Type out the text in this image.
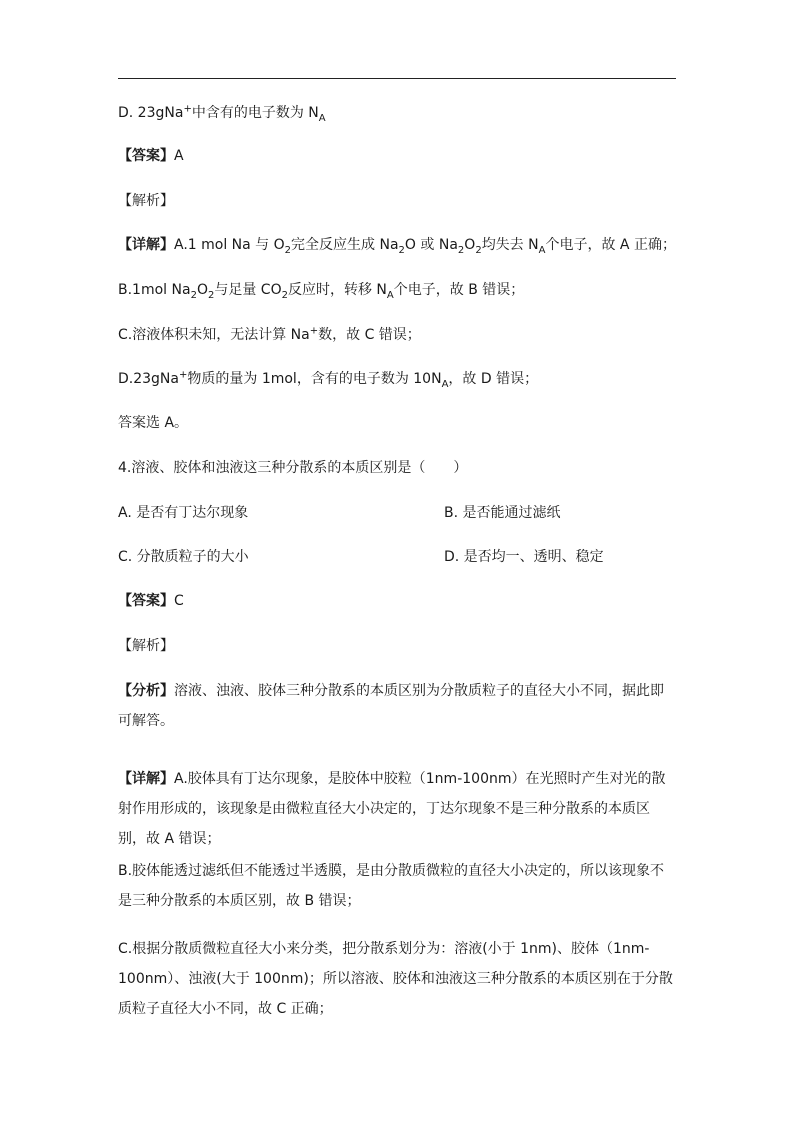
D. 23gNa+中含有的电子数为 $N_A$
【答案】A
【解析】
【详解】A.1 mol Na 与 $O_2$完全反应生成 $Na_2O$ 或 $Na_2O_2$均失去 $N_A$个电子，故 A 正确；
B.1mol $Na_2O_2$与足量 $CO_2$反应时，转移 $N_A$个电子，故 B 错误；
C.溶液体积未知，无法计算 Na+数，故 C 错误；
D.23gNa+物质的量为 1mol，含有的电子数为 $10N_A$，故 D 错误；
答案选 A。
4.溶液、胶体和浊液这三种分散系的本质区别是（　　）
A. 是否有丁达尔现象	B. 是否能通过滤纸
C. 分散质粒子的大小	D. 是否均一、透明、稳定
【答案】C
【解析】
【分析】溶液、浊液、胶体三种分散系的本质区别为分散质粒子的直径大小不同，据此即可解答。
【详解】A.胶体具有丁达尔现象，是胶体中胶粒（1nm-100nm）在光照时产生对光的散射作用形成的，该现象是由微粒直径大小决定的，丁达尔现象不是三种分散系的本质区别，故 A 错误；
B.胶体能透过滤纸但不能透过半透膜，是由分散质微粒的直径大小决定的，所以该现象不是三种分散系的本质区别，故 B 错误；
C.根据分散质微粒直径大小来分类，把分散系划分为：溶液(小于 1nm)、胶体（1nm-100nm）、浊液(大于 100nm)；所以溶液、胶体和浊液这三种分散系的本质区别在于分散质粒子直径大小不同，故 C 正确；
